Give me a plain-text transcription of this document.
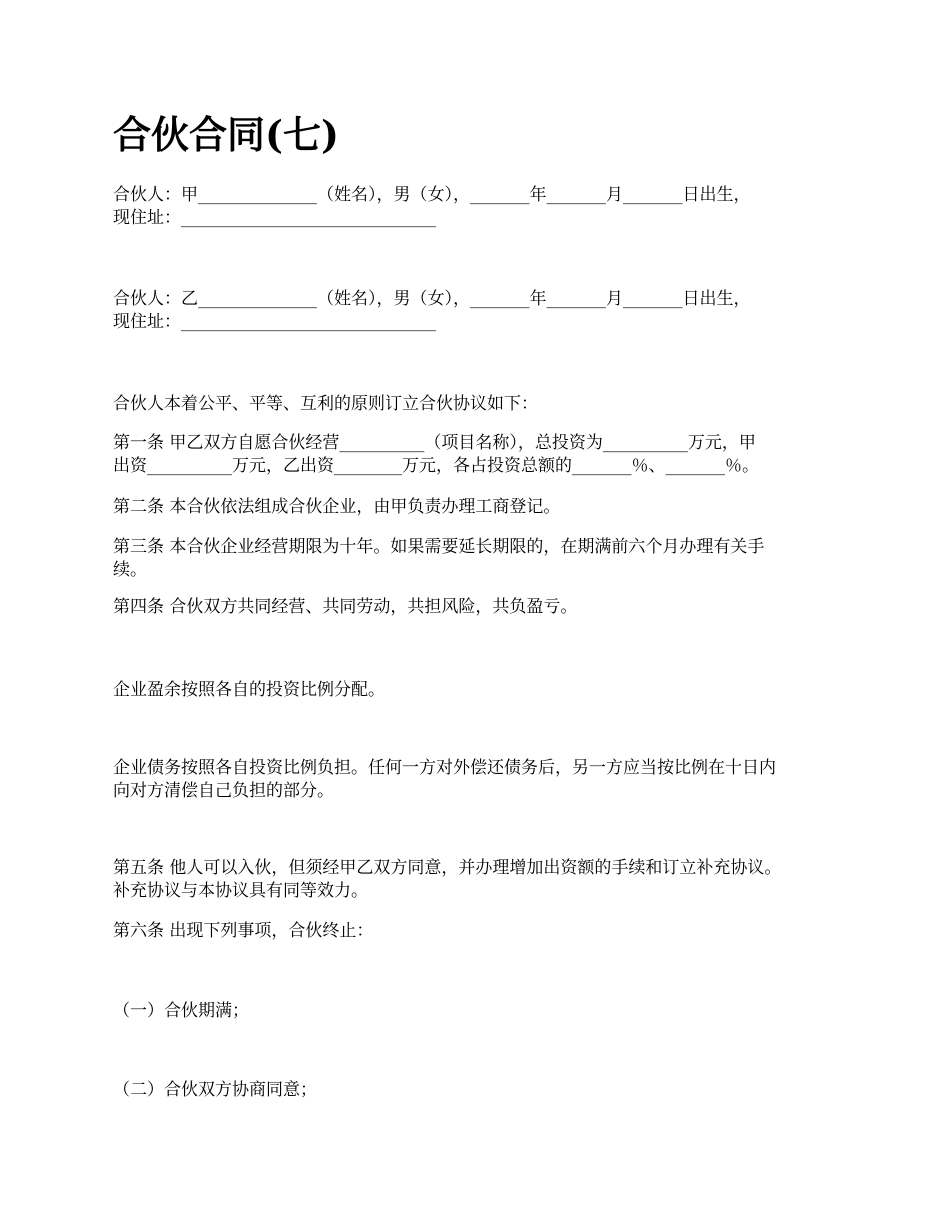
合伙合同(七)

合伙人：甲______________（姓名），男（女），_______年_______月_______日出生，
现住址：______________________________

合伙人：乙______________（姓名），男（女），_______年_______月_______日出生，
现住址：______________________________

合伙人本着公平、平等、互利的原则订立合伙协议如下：

第一条 甲乙双方自愿合伙经营__________（项目名称），总投资为__________万元，甲
出资__________万元，乙出资________万元，各占投资总额的_______％、_______％。

第二条 本合伙依法组成合伙企业，由甲负责办理工商登记。

第三条 本合伙企业经营期限为十年。如果需要延长期限的，在期满前六个月办理有关手
续。

第四条 合伙双方共同经营、共同劳动，共担风险，共负盈亏。

企业盈余按照各自的投资比例分配。

企业债务按照各自投资比例负担。任何一方对外偿还债务后，另一方应当按比例在十日内
向对方清偿自己负担的部分。

第五条 他人可以入伙，但须经甲乙双方同意，并办理增加出资额的手续和订立补充协议。
补充协议与本协议具有同等效力。

第六条 出现下列事项，合伙终止：

（一）合伙期满；

（二）合伙双方协商同意；
